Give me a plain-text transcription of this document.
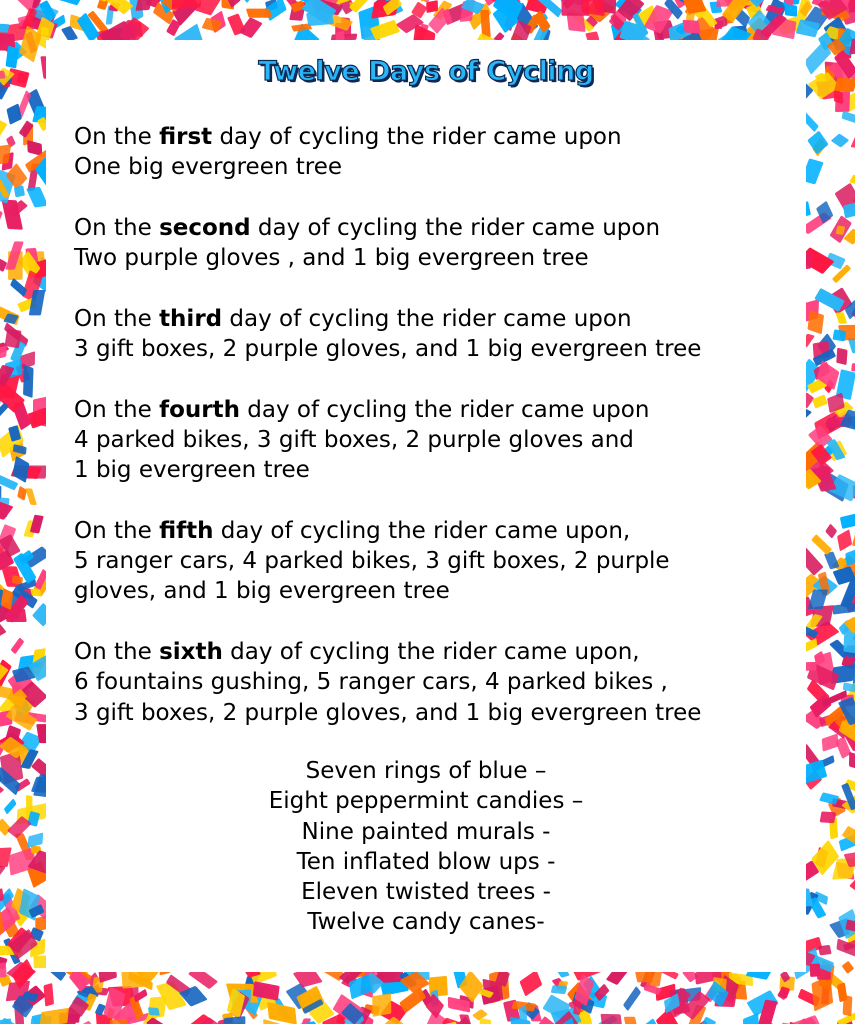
Twelve Days of Cycling

On the first day of cycling the rider came upon

One big evergreen tree

On the second day of cycling the rider came upon

Two purple gloves , and 1 big evergreen tree

On the third day of cycling the rider came upon

3 gift boxes, 2 purple gloves, and 1 big evergreen tree

On the fourth day of cycling the rider came upon

4 parked bikes, 3 gift boxes, 2 purple gloves and

1 big evergreen tree

On the fifth day of cycling the rider came upon,

5 ranger cars, 4 parked bikes, 3 gift boxes, 2 purple

gloves, and 1 big evergreen tree

On the sixth day of cycling the rider came upon,

6 fountains gushing, 5 ranger cars, 4 parked bikes ,

3 gift boxes, 2 purple gloves, and 1 big evergreen tree

Seven rings of blue –

Eight peppermint candies –

Nine painted murals -

Ten inflated blow ups -

Eleven twisted trees -

Twelve candy canes-
